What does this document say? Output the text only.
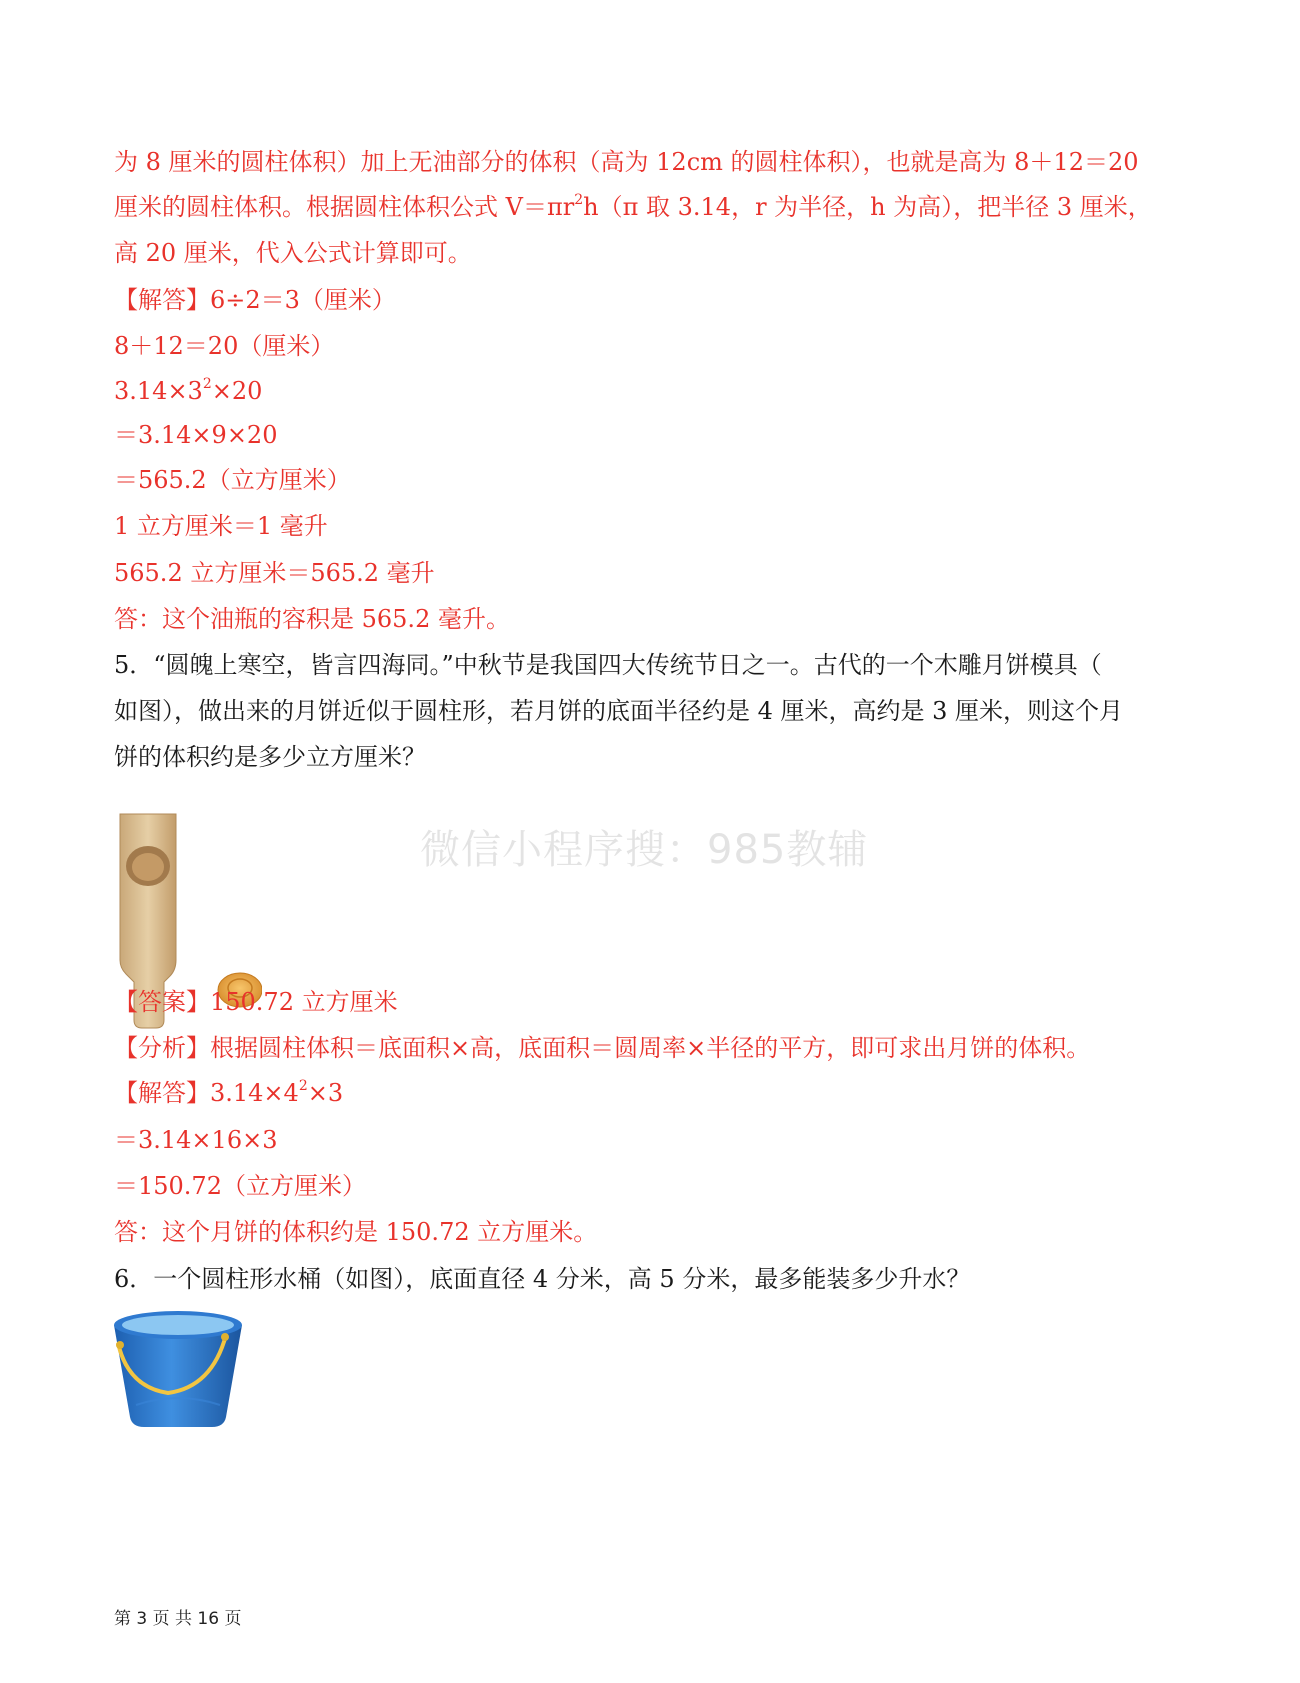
为 8 厘米的圆柱体积）加上无油部分的体积（高为 12cm 的圆柱体积），也就是高为 8＋12＝20

厘米的圆柱体积。根据圆柱体积公式 $V=\pi r^2h(\pi$ 取 3.14，r 为半径，h 为高），把半径 3 厘米，

高 20 厘米，代入公式计算即可。

【解答】6÷2＝3（厘米）

8＋12＝20（厘米）

$3.14\times 3^2\times 20$

＝3.14×9×20

＝565.2（立方厘米）

1 立方厘米＝1 毫升

565.2 立方厘米＝565.2 毫升

答：这个油瓶的容积是 565.2 毫升。

5．“圆魄上寒空，皆言四海同。”中秋节是我国四大传统节日之一。古代的一个木雕月饼模具（

如图），做出来的月饼近似于圆柱形，若月饼的底面半径约是 4 厘米，高约是 3 厘米，则这个月

饼的体积约是多少立方厘米？

微信小程序搜：985教辅

【答案】150.72 立方厘米

【分析】根据圆柱体积＝底面积×高，底面积＝圆周率×半径的平方，即可求出月饼的体积。

【解答】$3.14\times 4^2\times 3$

＝3.14×16×3

＝150.72（立方厘米）

答：这个月饼的体积约是 150.72 立方厘米。

6．一个圆柱形水桶（如图），底面直径 4 分米，高 5 分米，最多能装多少升水？

第 3 页 共 16 页
